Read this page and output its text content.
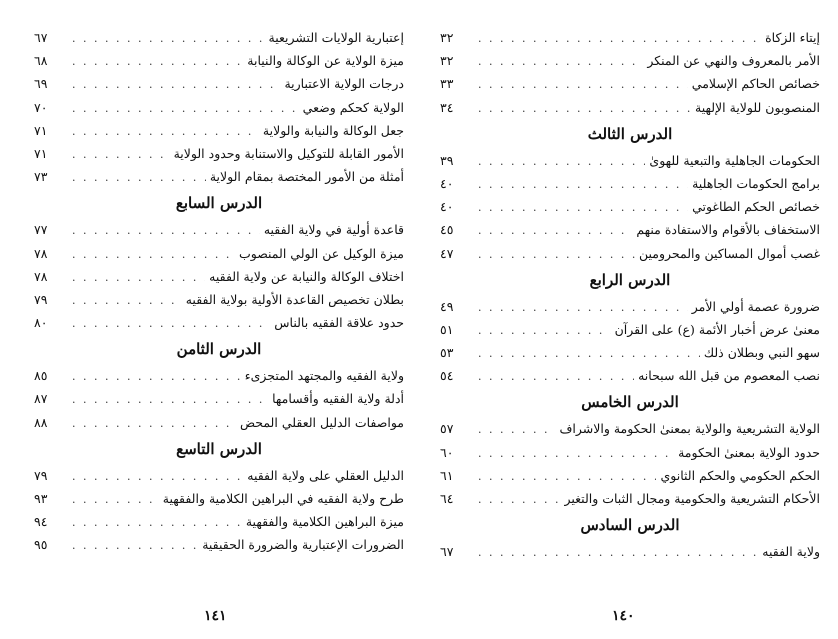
إيتاء الزكاة
. . .
٣٢
الأمر بالمعروف والنهي عن المنكر
. . .
٣٢
خصائص الحاكم الإسلامي
. . .
٣٣
المنصوبون للولاية الإلهية
. . .
٣٤
الدرس الثالث
الحكومات الجاهلية والتبعية للهوىٰ
. . .
٣٩
برامج الحكومات الجاهلية
. . .
٤٠
خصائص الحكم الطاغوتي
. . .
٤٠
الاستخفاف بالأقوام والاستفادة منهم
. . .
٤٥
غصب أموال المساكين والمحرومين
. . .
٤٧
الدرس الرابع
ضرورة عصمة أولي الأمر
. . .
٤٩
معنىٰ عرض أخبار الأئمة (ع) على القرآن
. . .
٥١
سهو النبي وبطلان ذلك
. . .
٥٣
نصب المعصوم من قبل الله سبحانه
. . .
٥٤
الدرس الخامس
الولاية التشريعية والولاية بمعنىٰ الحكومة والاشراف
. . .
٥٧
حدود الولاية بمعنىٰ الحكومة
. . .
٦٠
الحكم الحكومي والحكم الثانوي
. . .
٦١
الأحكام التشريعية والحكومية ومجال الثبات والتغير
. . .
٦٤
الدرس السادس
ولاية الفقيه
. . .
٦٧
إعتبارية الولايات التشريعية
. . .
٦٧
ميزة الولاية عن الوكالة والنيابة
. . .
٦٨
درجات الولاية الاعتبارية
. . .
٦٩
الولاية كحكم وضعي
. . .
٧٠
جعل الوكالة والنيابة والولاية
. . .
٧١
الأمور القابلة للتوكيل والاستنابة وحدود الولاية
. . .
٧١
أمثلة من الأمور المختصة بمقام الولاية
. . .
٧٣
الدرس السابع
قاعدة أولية في ولاية الفقيه
. . .
٧٧
ميزة الوكيل عن الولي المنصوب
. . .
٧٨
اختلاف الوكالة والنيابة عن ولاية الفقيه
. . .
٧٨
بطلان تخصيص القاعدة الأولية بولاية الفقيه
. . .
٧٩
حدود علاقة الفقيه بالناس
. . .
٨٠
الدرس الثامن
ولاية الفقيه والمجتهد المتجزىء
. . .
٨٥
أدلة ولاية الفقيه وأقسامها
. . .
٨٧
مواصفات الدليل العقلي المحض
. . .
٨٨
الدرس التاسع
الدليل العقلي على ولاية الفقيه
. . .
٧٩
طرح ولاية الفقيه في البراهين الكلامية والفقهية
. . .
٩٣
ميزة البراهين الكلامية والفقهية
. . .
٩٤
الضرورات الإعتبارية والضرورة الحقيقية
. . .
٩٥
١٤٠
١٤١
